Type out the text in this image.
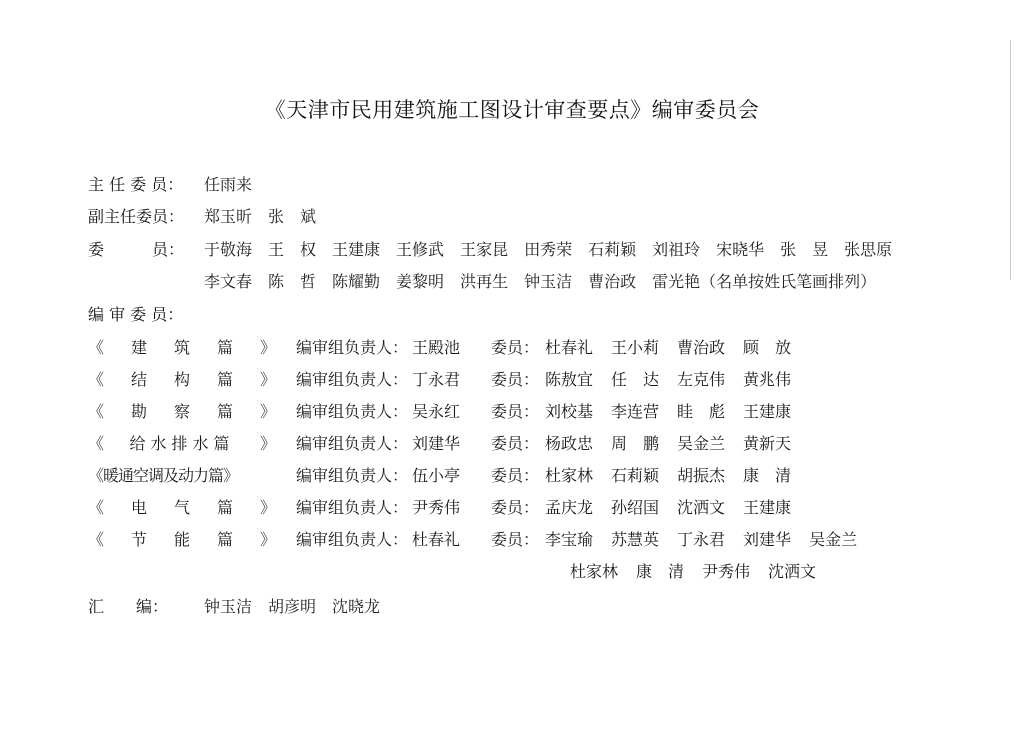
《天津市民用建筑施工图设计审查要点》编审委员会
主 任 委 员：	任雨来
副主任委员：	郑玉昕 张　斌
委　　　员：	于敬海 王　权 王建康 王修武 王家昆 田秀荣 石莉颖 刘祖玲 宋晓华 张　昱 张思原
李文春 陈　哲 陈耀勤 姜黎明 洪再生 钟玉洁 曹治政 雷光艳（名单按姓氏笔画排列）
编 审 委 员：
《 建 筑 篇 》 编审组负责人： 王殿池	委员： 杜春礼 王小莉 曹治政 顾　放
《 结 构 篇 》 编审组负责人： 丁永君	委员： 陈敖宜 任　达 左克伟 黄兆伟
《 勘 察 篇 》 编审组负责人： 吴永红	委员： 刘校基 李连营 眭　彪 王建康
《 给水排水篇 》 编审组负责人： 刘建华	委员： 杨政忠 周　鹏 吴金兰 黄新天
《暖通空调及动力篇》	编审组负责人： 伍小亭	委员： 杜家林 石莉颖 胡振杰 康　清
《 电 气 篇 》 编审组负责人： 尹秀伟	委员： 孟庆龙 孙绍国 沈洒文 王建康
《 节 能 篇 》 编审组负责人： 杜春礼	委员： 李宝瑜 苏慧英 丁永君 刘建华 吴金兰
杜家林 康　清 尹秀伟 沈洒文
汇　　编：	钟玉洁 胡彦明 沈晓龙
